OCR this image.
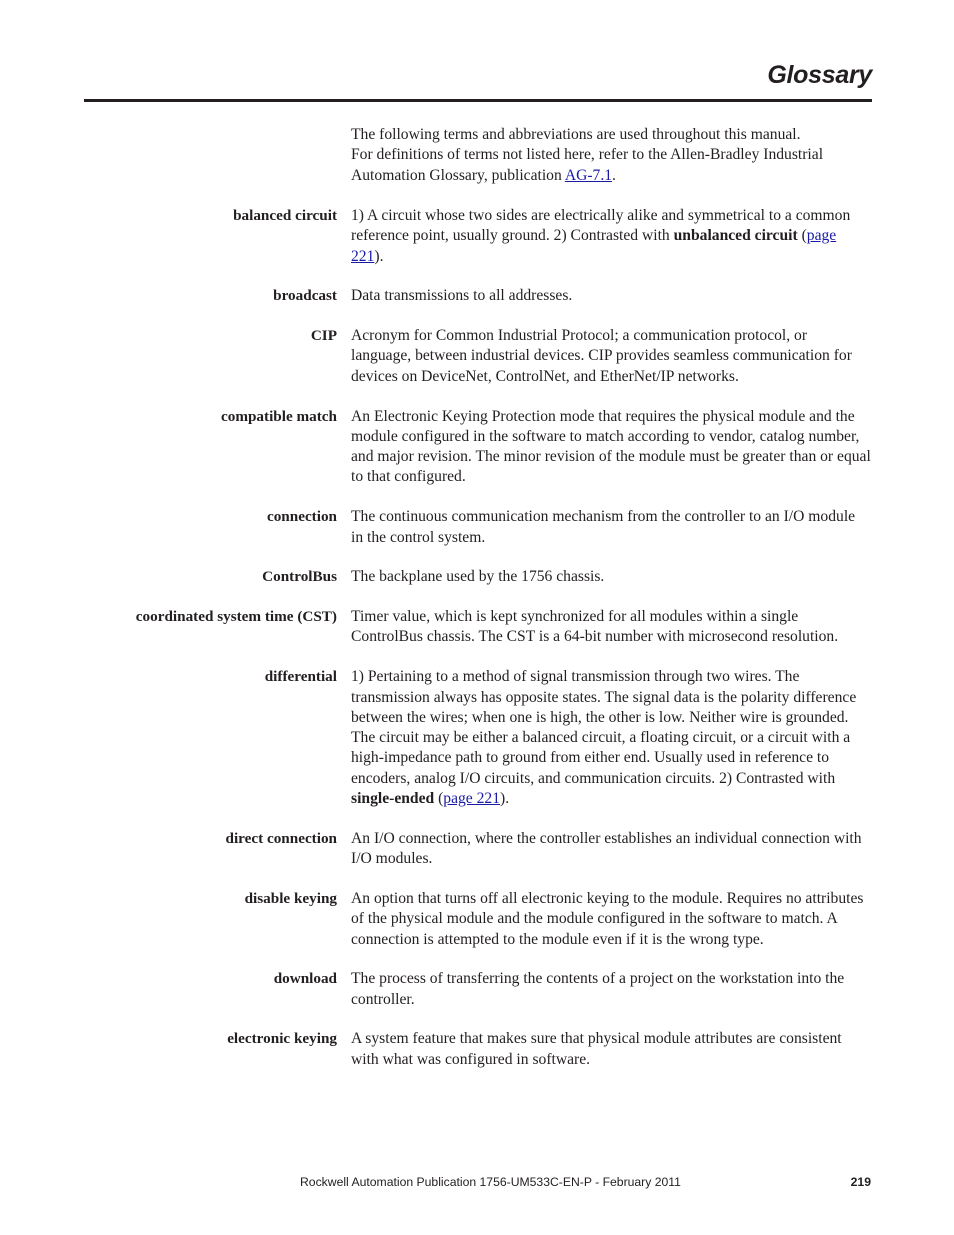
Glossary

The following terms and abbreviations are used throughout this manual.

For definitions of terms not listed here, refer to the Allen-Bradley Industrial Automation Glossary, publication AG-7.1.

balanced circuit 1) A circuit whose two sides are electrically alike and symmetrical to a common reference point, usually ground. 2) Contrasted with unbalanced circuit (page 221).
broadcast Data transmissions to all addresses.
CIP Acronym for Common Industrial Protocol; a communication protocol, or language, between industrial devices. CIP provides seamless communication for devices on DeviceNet, ControlNet, and EtherNet/IP networks.
compatible match An Electronic Keying Protection mode that requires the physical module and the module configured in the software to match according to vendor, catalog number, and major revision. The minor revision of the module must be greater than or equal to that configured.
connection The continuous communication mechanism from the controller to an I/O module in the control system.
ControlBus The backplane used by the 1756 chassis.
coordinated system time (CST) Timer value, which is kept synchronized for all modules within a single ControlBus chassis. The CST is a 64-bit number with microsecond resolution.
differential 1) Pertaining to a method of signal transmission through two wires. The transmission always has opposite states. The signal data is the polarity difference between the wires; when one is high, the other is low. Neither wire is grounded. The circuit may be either a balanced circuit, a floating circuit, or a circuit with a high-impedance path to ground from either end. Usually used in reference to encoders, analog I/O circuits, and communication circuits. 2) Contrasted with single-ended (page 221).
direct connection An I/O connection, where the controller establishes an individual connection with I/O modules.
disable keying An option that turns off all electronic keying to the module. Requires no attributes of the physical module and the module configured in the software to match. A connection is attempted to the module even if it is the wrong type.
download The process of transferring the contents of a project on the workstation into the controller.
electronic keying A system feature that makes sure that physical module attributes are consistent with what was configured in software.
Rockwell Automation Publication 1756-UM533C-EN-P - February 2011	219
